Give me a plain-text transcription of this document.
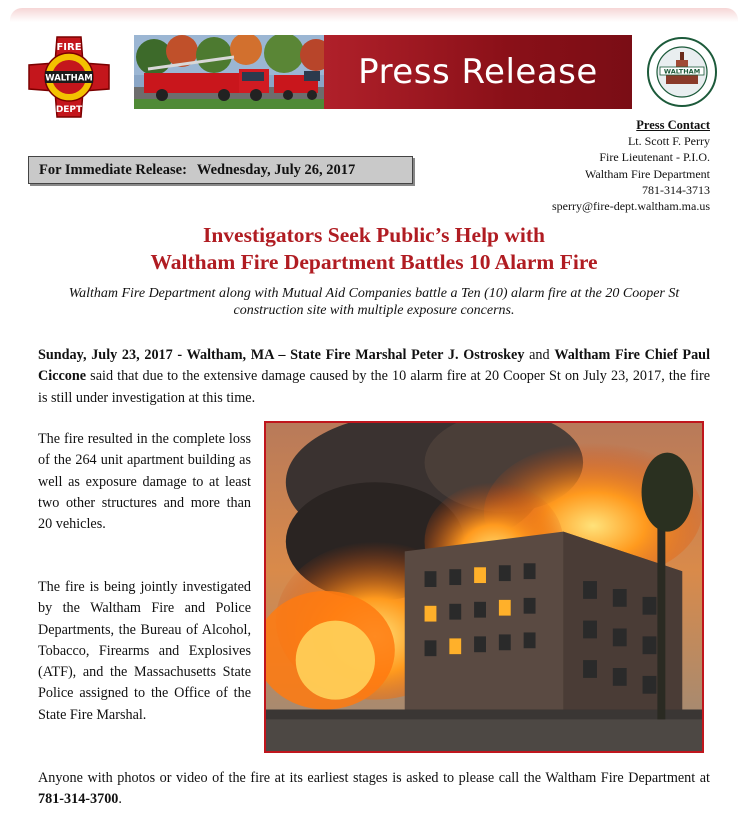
FIRE
WALTHAM
DEPT
Press Release	WALTHAM
Press Contact
Lt. Scott F. Perry
Fire Lieutenant - P.I.O.
Waltham Fire Department
781-314-3713
sperry@fire-dept.waltham.ma.us
For Immediate Release: Wednesday, July 26, 2017
Investigators Seek Public’s Help with
Waltham Fire Department Battles 10 Alarm Fire
Waltham Fire Department along with Mutual Aid Companies battle a Ten (10) alarm fire at the 20 Cooper St construction site with multiple exposure concerns.
Sunday, July 23, 2017 - Waltham, MA – State Fire Marshal Peter J. Ostroskey and Waltham Fire Chief Paul Ciccone said that due to the extensive damage caused by the 10 alarm fire at 20 Cooper St on July 23, 2017, the fire is still under investigation at this time.
The fire resulted in the complete loss of the 264 unit apartment building as well as exposure damage to at least two other structures and more than 20 vehicles.
The fire is being jointly investigated by the Waltham Fire and Police Departments, the Bureau of Alcohol, Tobacco, Firearms and Explosives (ATF), and the Massachusetts State Police assigned to the Office of the State Fire Marshal.
Anyone with photos or video of the fire at its earliest stages is asked to please call the Waltham Fire Department at 781-314-3700.
